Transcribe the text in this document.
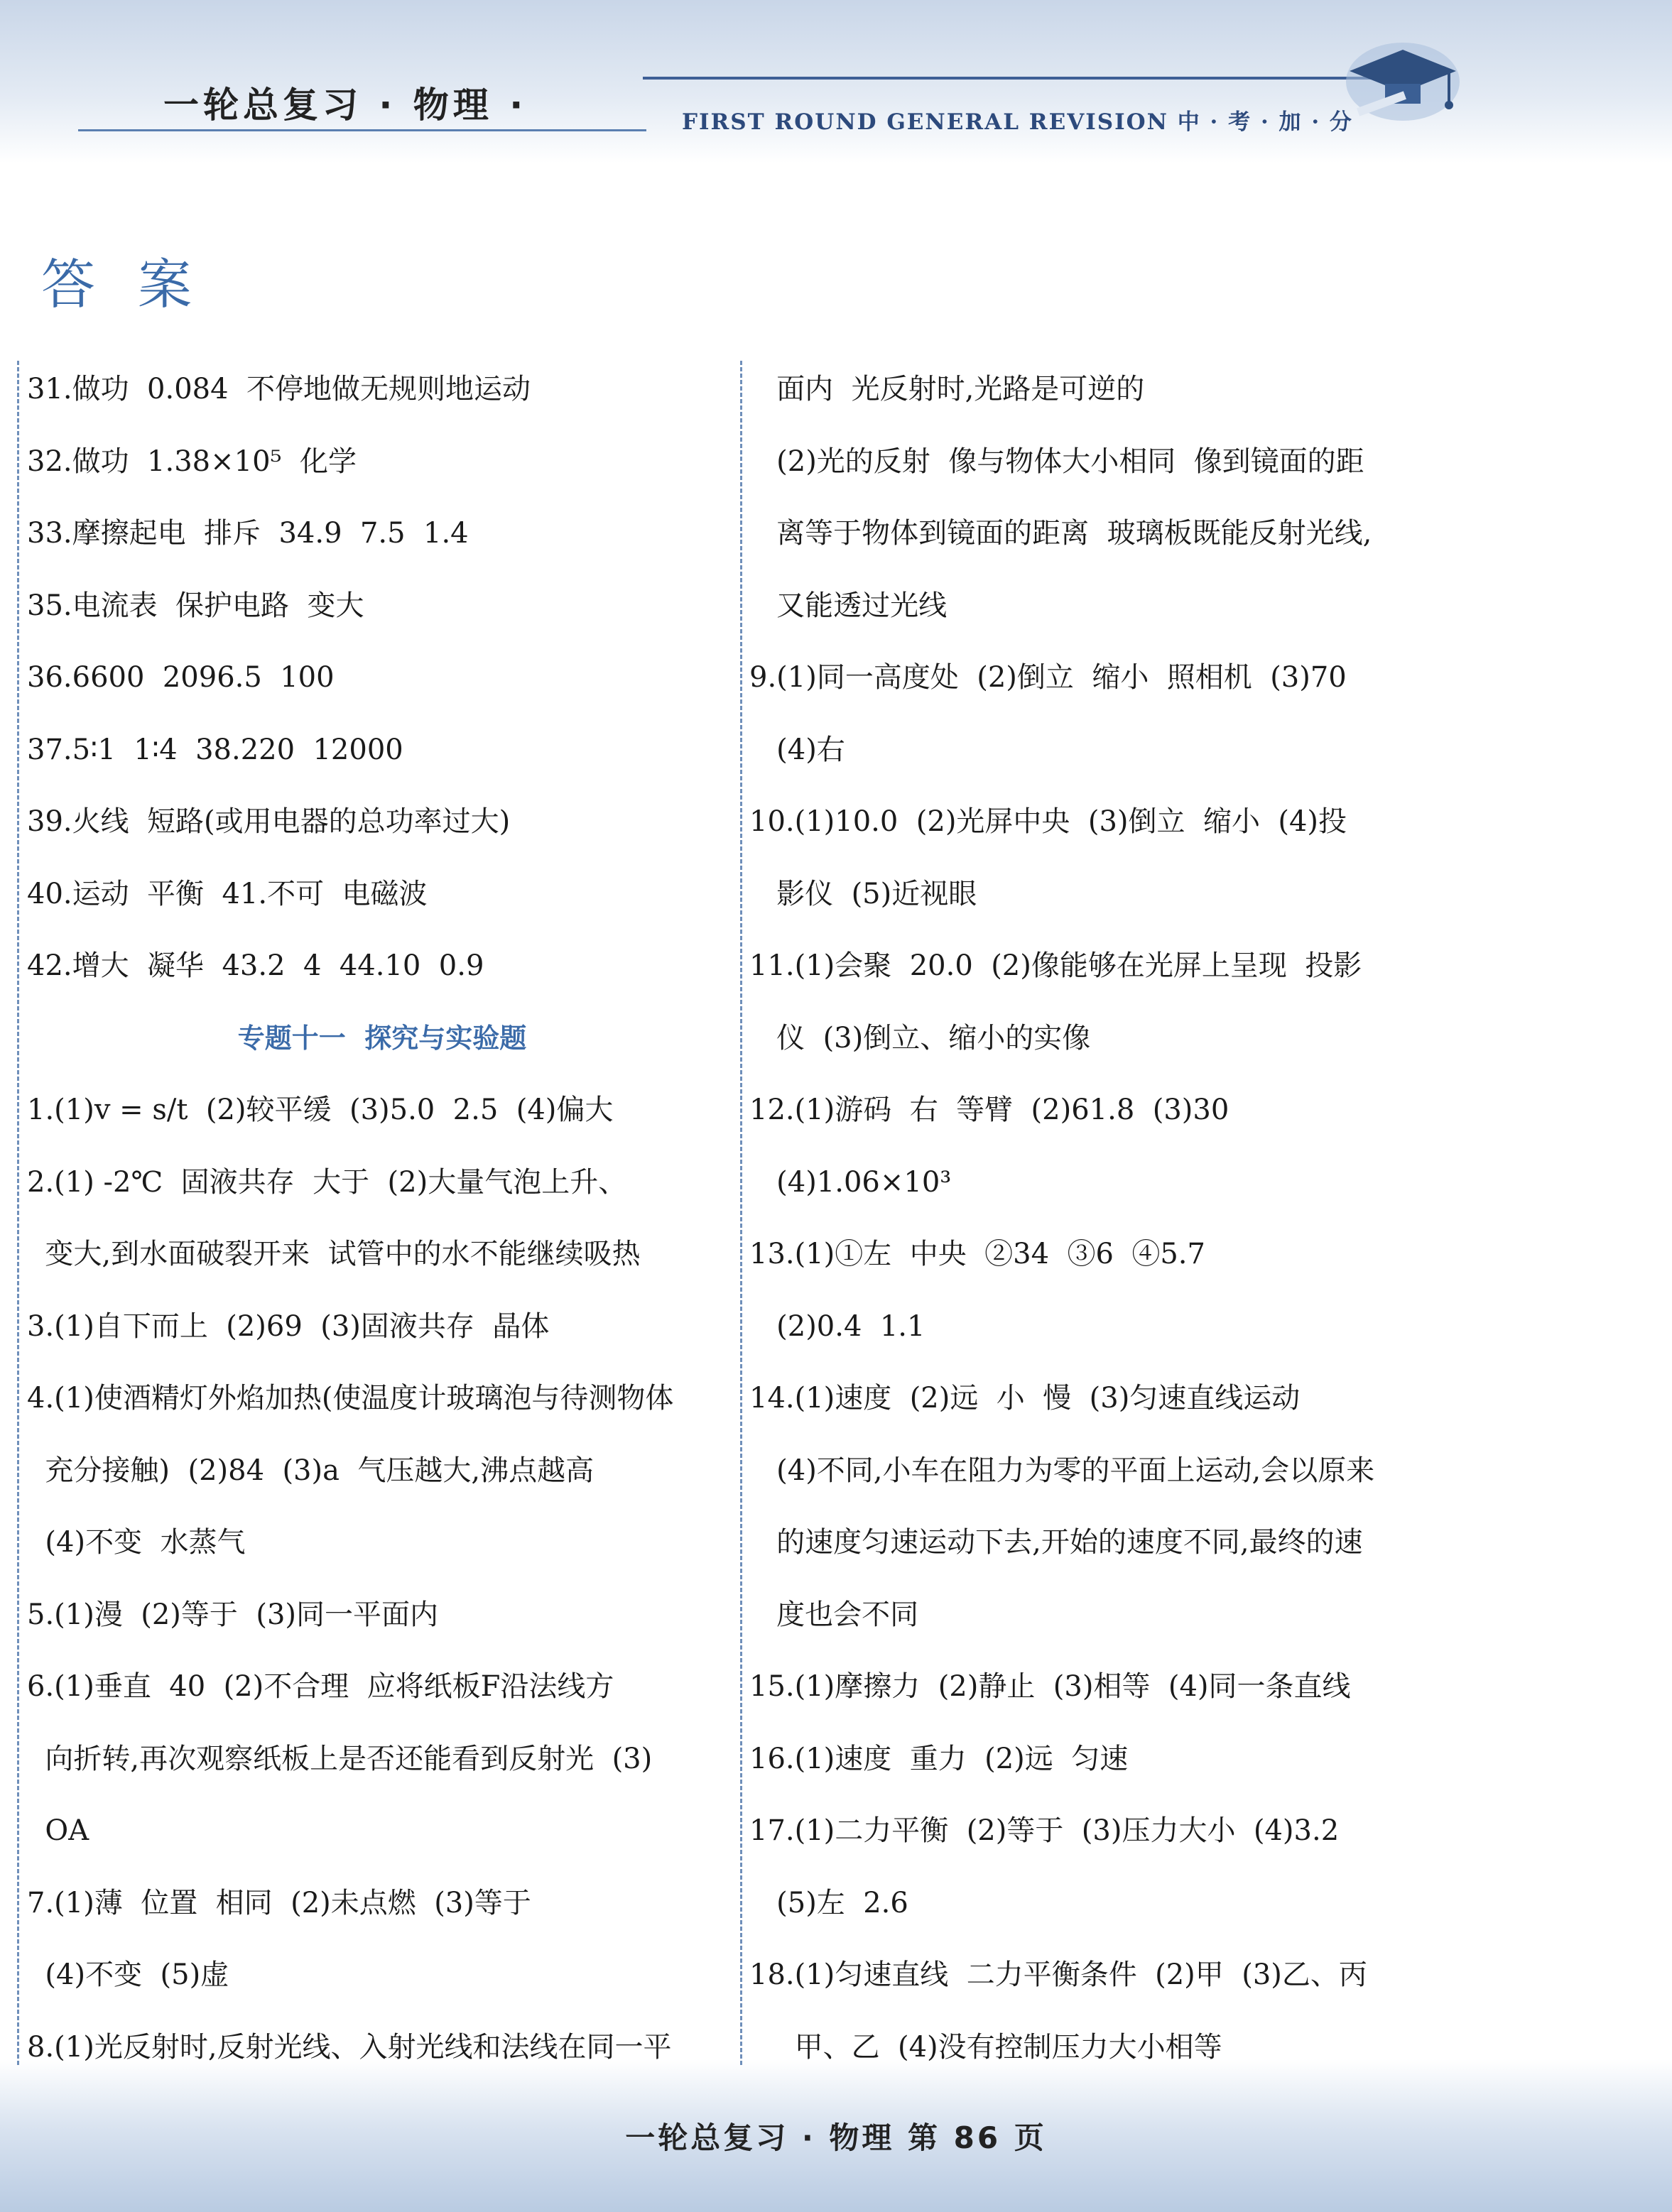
一轮总复习 · 物理 ·	FIRST ROUND GENERAL REVISION 中 · 考 · 加 · 分
答案
31.做功  0.084  不停地做无规则地运动
32.做功  1.38×10⁵  化学
33.摩擦起电  排斥  34.9  7.5  1.4
35.电流表  保护电路  变大
36.6600  2096.5  100
37.5∶1  1∶4  38.220  12000
39.火线  短路(或用电器的总功率过大)
40.运动  平衡  41.不可  电磁波
42.增大  凝华  43.2  4  44.10  0.9
专题十一  探究与实验题
1.(1)v = s/t  (2)较平缓  (3)5.0  2.5  (4)偏大
2.(1) -2℃  固液共存  大于  (2)大量气泡上升、
变大,到水面破裂开来  试管中的水不能继续吸热
3.(1)自下而上  (2)69  (3)固液共存  晶体
4.(1)使酒精灯外焰加热(使温度计玻璃泡与待测物体
充分接触)  (2)84  (3)a  气压越大,沸点越高
(4)不变  水蒸气
5.(1)漫  (2)等于  (3)同一平面内
6.(1)垂直  40  (2)不合理  应将纸板F沿法线方
向折转,再次观察纸板上是否还能看到反射光  (3)
OA
7.(1)薄  位置  相同  (2)未点燃  (3)等于
(4)不变  (5)虚
8.(1)光反射时,反射光线、入射光线和法线在同一平
面内  光反射时,光路是可逆的
(2)光的反射  像与物体大小相同  像到镜面的距
离等于物体到镜面的距离  玻璃板既能反射光线,
又能透过光线
9.(1)同一高度处  (2)倒立  缩小  照相机  (3)70
(4)右
10.(1)10.0  (2)光屏中央  (3)倒立  缩小  (4)投
影仪  (5)近视眼
11.(1)会聚  20.0  (2)像能够在光屏上呈现  投影
仪  (3)倒立、缩小的实像
12.(1)游码  右  等臂  (2)61.8  (3)30
(4)1.06×10³
13.(1)①左  中央  ②34  ③6  ④5.7
(2)0.4  1.1
14.(1)速度  (2)远  小  慢  (3)匀速直线运动
(4)不同,小车在阻力为零的平面上运动,会以原来
的速度匀速运动下去,开始的速度不同,最终的速
度也会不同
15.(1)摩擦力  (2)静止  (3)相等  (4)同一条直线
16.(1)速度  重力  (2)远  匀速
17.(1)二力平衡  (2)等于  (3)压力大小  (4)3.2
(5)左  2.6
18.(1)匀速直线  二力平衡条件  (2)甲  (3)乙、丙
甲、乙  (4)没有控制压力大小相等
一轮总复习 · 物理 第 86 页
